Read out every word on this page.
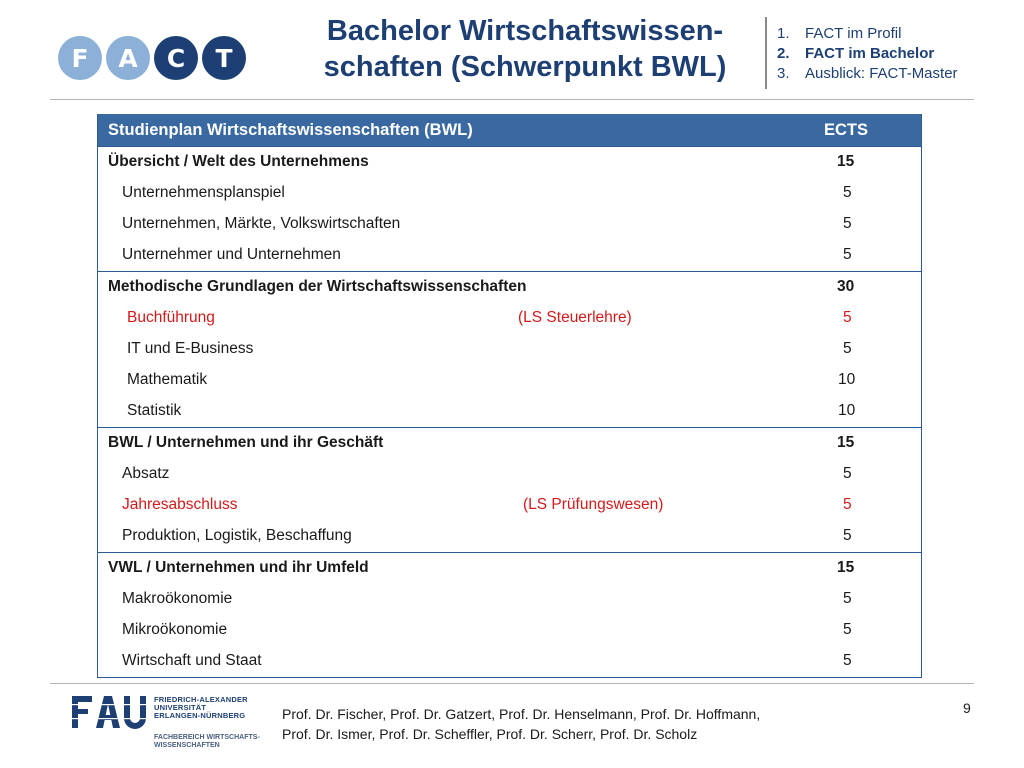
F	A	C	T
Bachelor Wirtschaftswissen-
schaften (Schwerpunkt BWL)
1. FACT im Profil
2. FACT im Bachelor
3. Ausblick: FACT-Master
Studienplan Wirtschaftswissenschaften (BWL)	ECTS
Übersicht / Welt des Unternehmens	15
Unternehmensplanspiel	5
Unternehmen, Märkte, Volkswirtschaften	5
Unternehmer und Unternehmen	5
Methodische Grundlagen der Wirtschaftswissenschaften	30
Buchführung	(LS Steuerlehre)	5
IT und E-Business	5
Mathematik	10
Statistik	10
BWL / Unternehmen und ihr Geschäft	15
Absatz	5
Jahresabschluss	(LS Prüfungswesen)	5
Produktion, Logistik, Beschaffung	5
VWL / Unternehmen und ihr Umfeld	15
Makroökonomie	5
Mikroökonomie	5
Wirtschaft und Staat	5
FRIEDRICH-ALEXANDER
UNIVERSITÄT
ERLANGEN-NÜRNBERG
FACHBEREICH WIRTSCHAFTS-
WISSENSCHAFTEN
Prof. Dr. Fischer, Prof. Dr. Gatzert, Prof. Dr. Henselmann, Prof. Dr. Hoffmann,
Prof. Dr. Ismer, Prof. Dr. Scheffler, Prof. Dr. Scherr, Prof. Dr. Scholz
9
